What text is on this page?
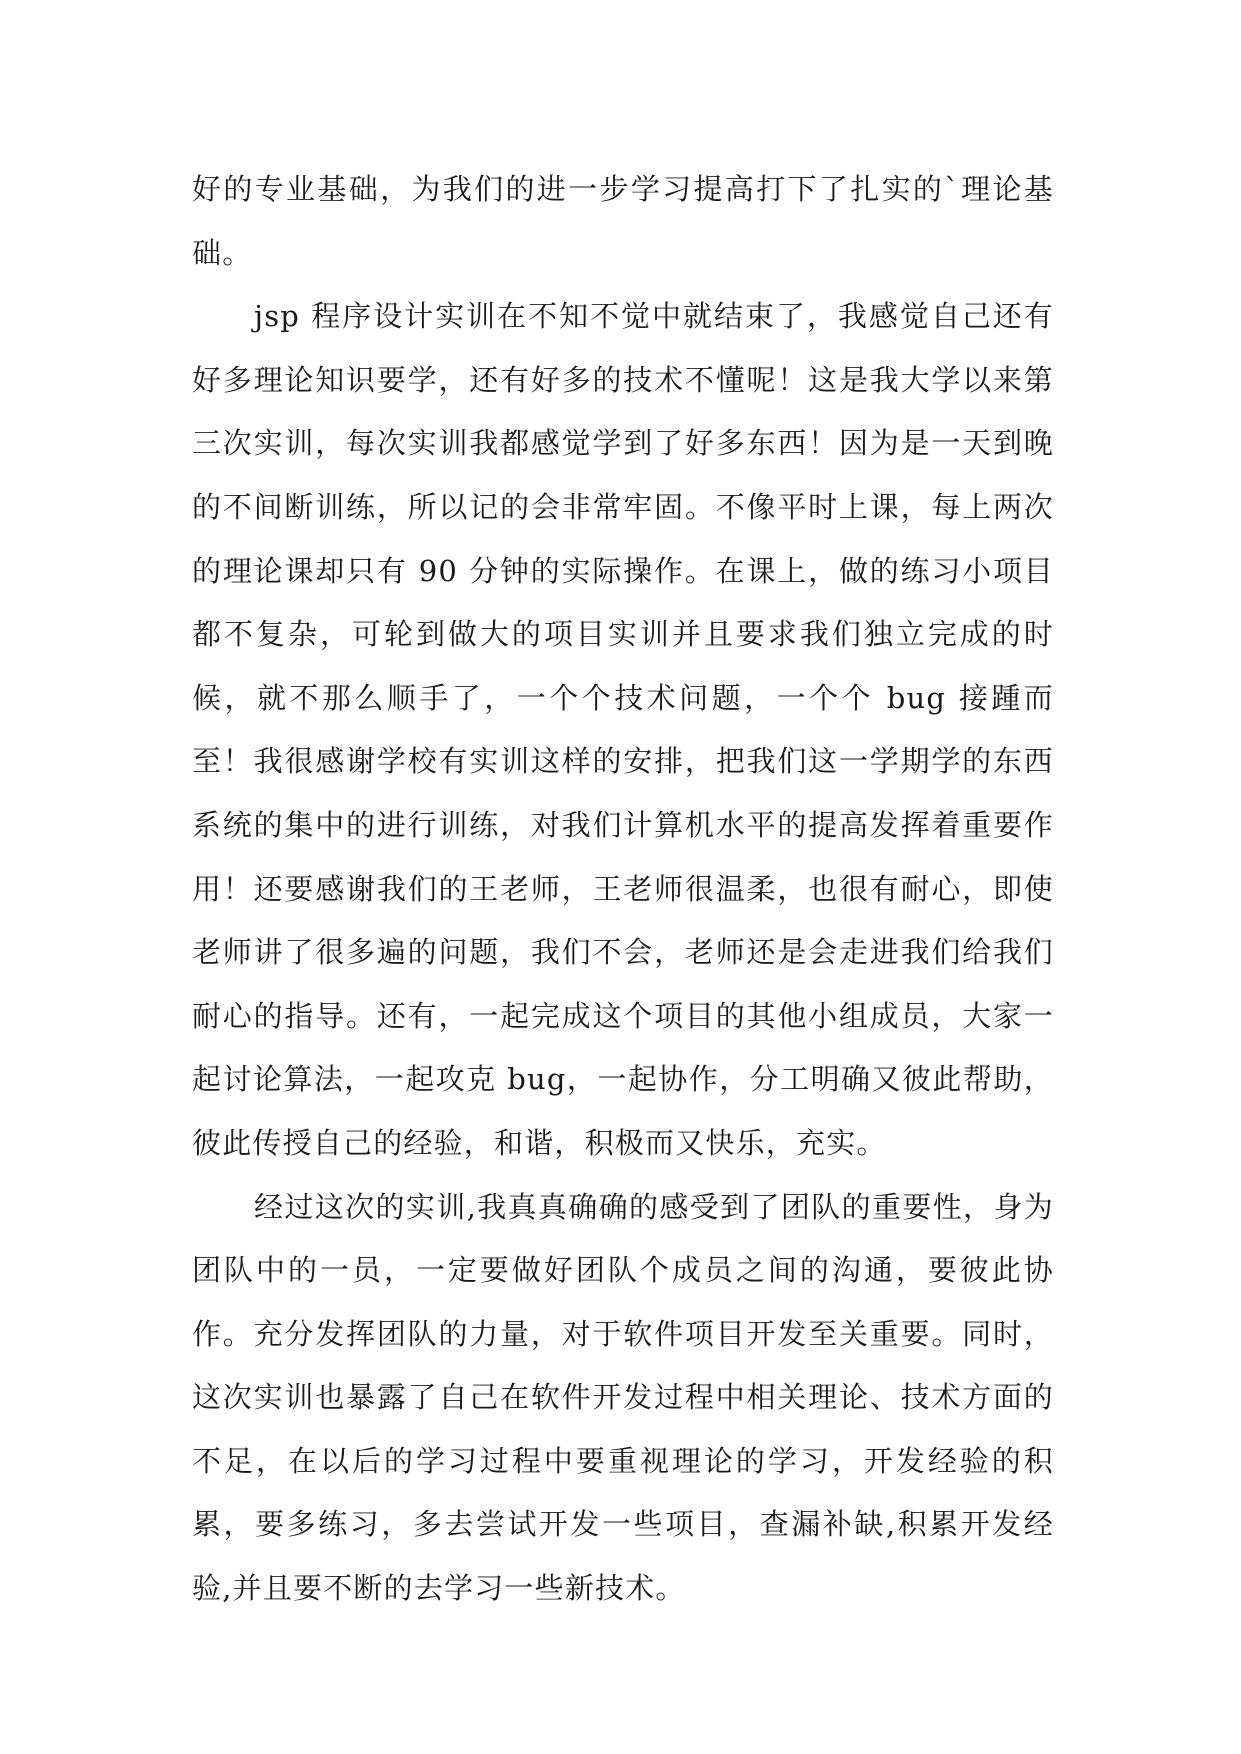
好的专业基础，为我们的进一步学习提高打下了扎实的`理论基础。

jsp 程序设计实训在不知不觉中就结束了，我感觉自己还有好多理论知识要学，还有好多的技术不懂呢！这是我大学以来第三次实训，每次实训我都感觉学到了好多东西！因为是一天到晚的不间断训练，所以记的会非常牢固。不像平时上课，每上两次的理论课却只有 90 分钟的实际操作。在课上，做的练习小项目都不复杂，可轮到做大的项目实训并且要求我们独立完成的时候，就不那么顺手了，一个个技术问题，一个个 bug 接踵而至！我很感谢学校有实训这样的安排，把我们这一学期学的东西系统的集中的进行训练，对我们计算机水平的提高发挥着重要作用！还要感谢我们的王老师，王老师很温柔，也很有耐心，即使老师讲了很多遍的问题，我们不会，老师还是会走进我们给我们耐心的指导。还有，一起完成这个项目的其他小组成员，大家一起讨论算法，一起攻克 bug，一起协作，分工明确又彼此帮助，彼此传授自己的经验，和谐，积极而又快乐，充实。

经过这次的实训,我真真确确的感受到了团队的重要性，身为团队中的一员，一定要做好团队个成员之间的沟通，要彼此协作。充分发挥团队的力量，对于软件项目开发至关重要。同时，这次实训也暴露了自己在软件开发过程中相关理论、技术方面的不足，在以后的学习过程中要重视理论的学习，开发经验的积累，要多练习，多去尝试开发一些项目，查漏补缺,积累开发经验,并且要不断的去学习一些新技术。
